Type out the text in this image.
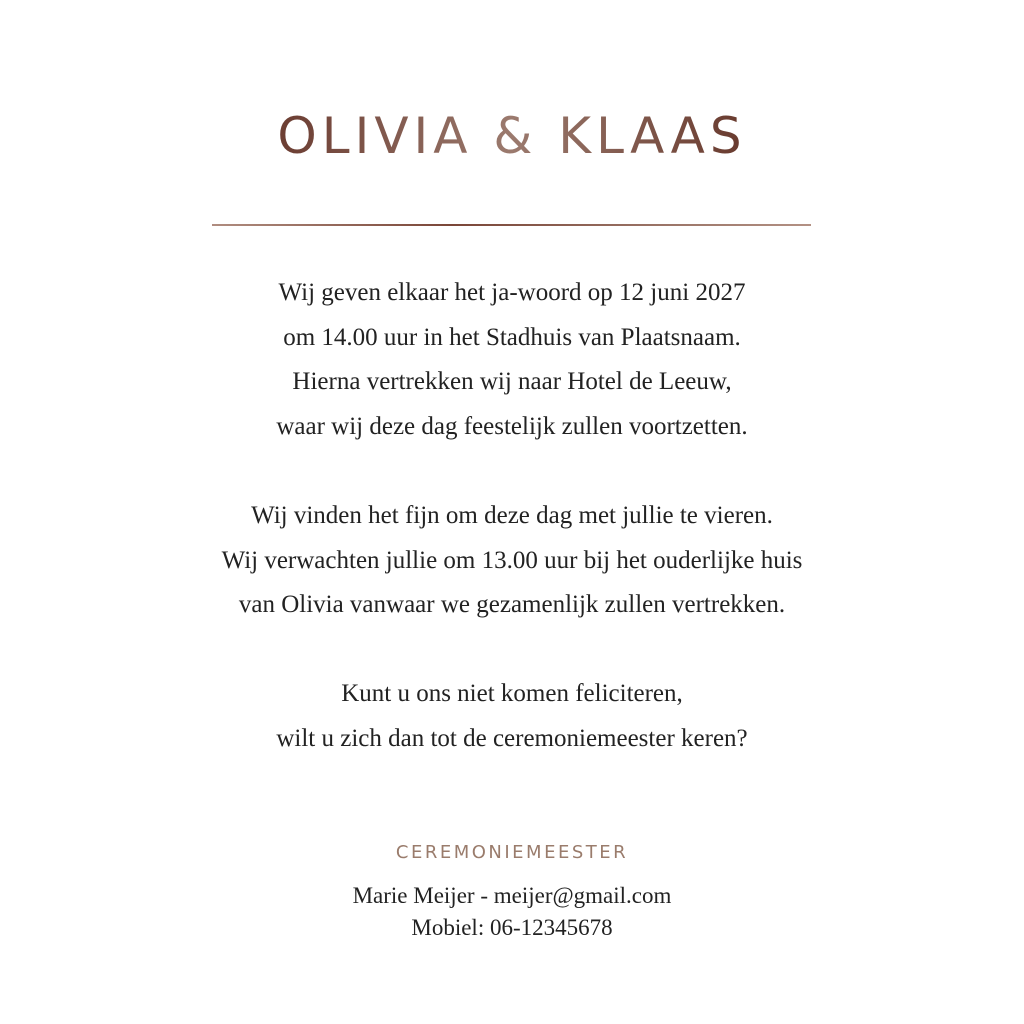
OLIVIA & KLAAS
Wij geven elkaar het ja-woord op 12 juni 2027
om 14.00 uur in het Stadhuis van Plaatsnaam.
Hierna vertrekken wij naar Hotel de Leeuw,
waar wij deze dag feestelijk zullen voortzetten.
Wij vinden het fijn om deze dag met jullie te vieren.
Wij verwachten jullie om 13.00 uur bij het ouderlijke huis
van Olivia vanwaar we gezamenlijk zullen vertrekken.
Kunt u ons niet komen feliciteren,
wilt u zich dan tot de ceremoniemeester keren?
CEREMONIEMEESTER
Marie Meijer - meijer@gmail.com
Mobiel: 06-12345678
